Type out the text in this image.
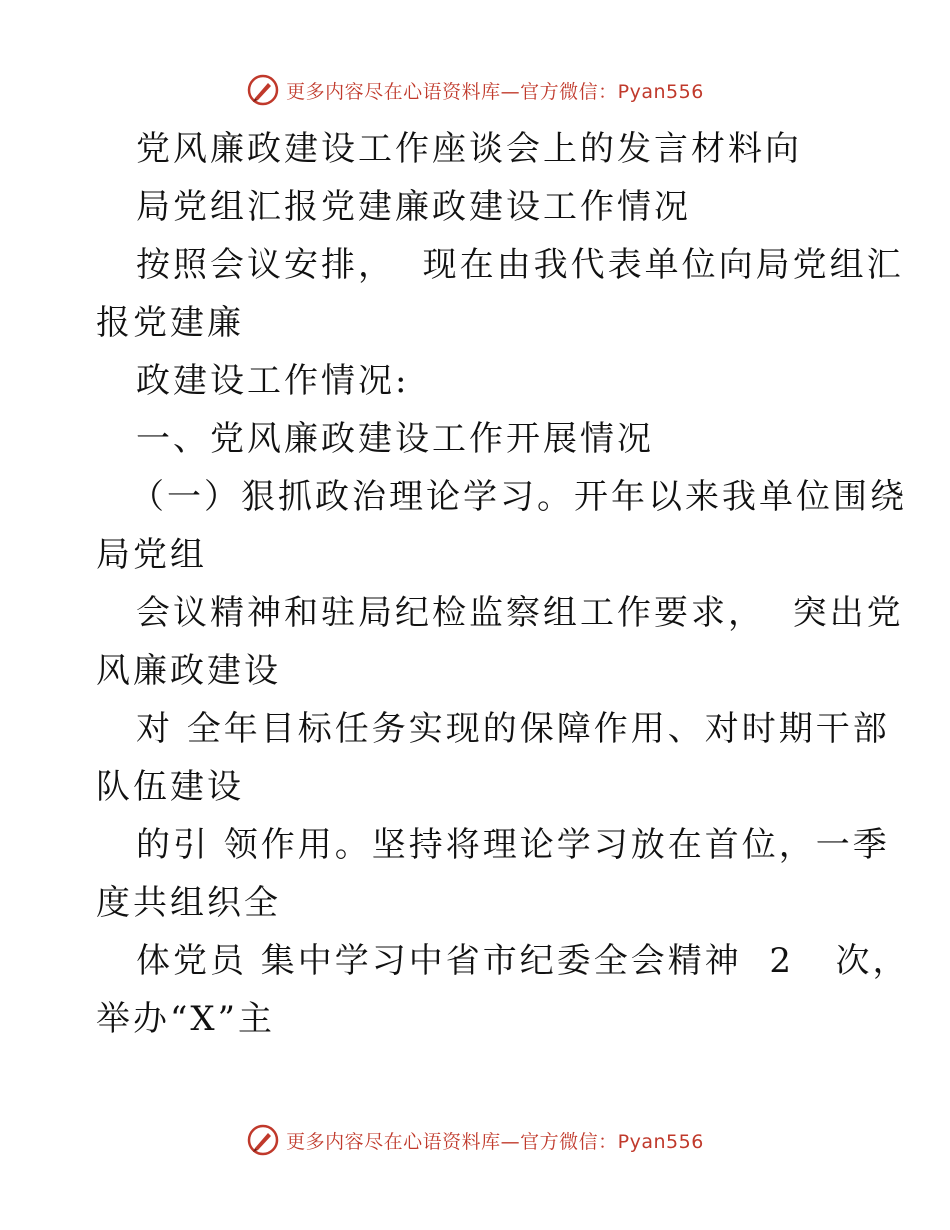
更多内容尽在心语资料库—官方微信：Pyan556
党风廉政建设工作座谈会上的发言材料向
局党组汇报党建廉政建设工作情况
按照会议安排，  现在由我代表单位向局党组汇
报党建廉
政建设工作情况:
一、党风廉政建设工作开展情况
（一）狠抓政治理论学习。开年以来我单位围绕
局党组
会议精神和驻局纪检监察组工作要求，  突出党
风廉政建设
对 全年目标任务实现的保障作用、对时期干部
队伍建设
的引 领作用。坚持将理论学习放在首位，一季
度共组织全
体党员 集中学习中省市纪委全会精神  2   次，
举办“X”主
更多内容尽在心语资料库—官方微信：Pyan556
